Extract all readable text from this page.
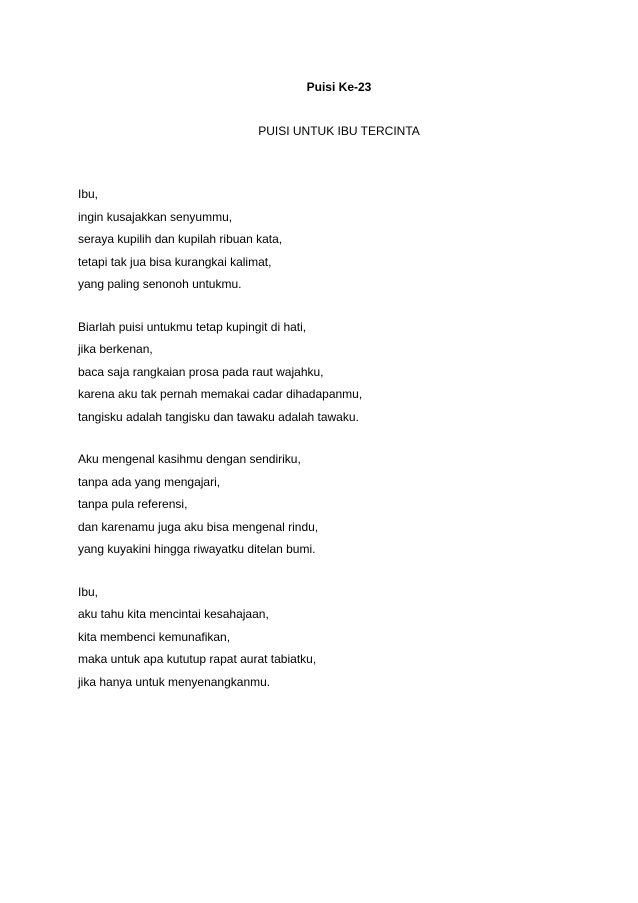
Puisi Ke-23
PUISI UNTUK IBU TERCINTA
Ibu,
ingin kusajakkan senyummu,
seraya kupilih dan kupilah ribuan kata,
tetapi tak jua bisa kurangkai kalimat,
yang paling senonoh untukmu.
Biarlah puisi untukmu tetap kupingit di hati,
jika berkenan,
baca saja rangkaian prosa pada raut wajahku,
karena aku tak pernah memakai cadar dihadapanmu,
tangisku adalah tangisku dan tawaku adalah tawaku.
Aku mengenal kasihmu dengan sendiriku,
tanpa ada yang mengajari,
tanpa pula referensi,
dan karenamu juga aku bisa mengenal rindu,
yang kuyakini hingga riwayatku ditelan bumi.
Ibu,
aku tahu kita mencintai kesahajaan,
kita membenci kemunafikan,
maka untuk apa kututup rapat aurat tabiatku,
jika hanya untuk menyenangkanmu.
